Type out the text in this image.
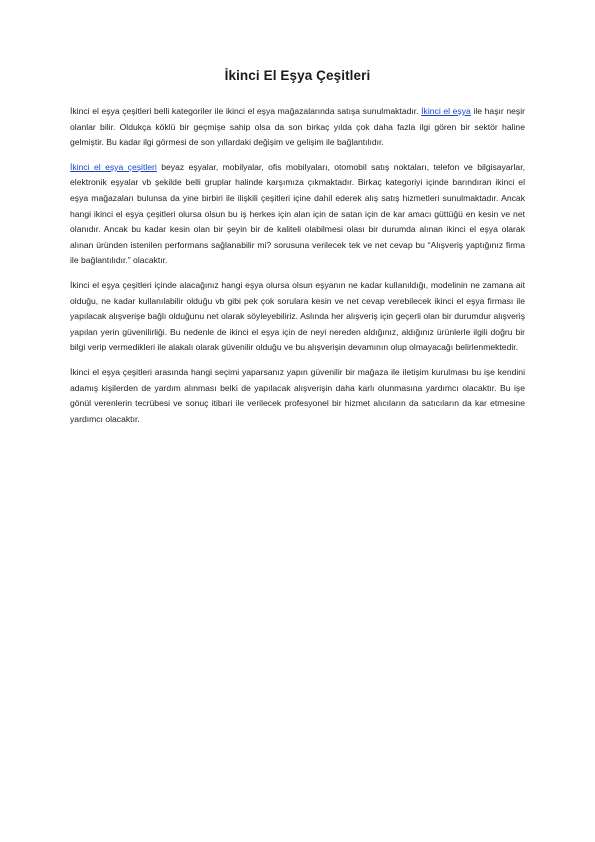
İkinci El Eşya Çeşitleri

İkinci el eşya çeşitleri belli kategoriler ile ikinci el eşya mağazalarında satışa sunulmaktadır. İkinci el eşya ile haşır neşir olanlar bilir. Oldukça köklü bir geçmişe sahip olsa da son birkaç yılda çok daha fazla ilgi gören bir sektör haline gelmiştir. Bu kadar ilgi görmesi de son yıllardaki değişim ve gelişim ile bağlantılıdır.

İkinci el eşya çeşitleri beyaz eşyalar, mobilyalar, ofis mobilyaları, otomobil satış noktaları, telefon ve bilgisayarlar, elektronik eşyalar vb şekilde belli gruplar halinde karşımıza çıkmaktadır. Birkaç kategoriyi içinde barındıran ikinci el eşya mağazaları bulunsa da yine birbiri ile ilişkili çeşitleri içine dahil ederek alış satış hizmetleri sunulmaktadır. Ancak hangi ikinci el eşya çeşitleri olursa olsun bu iş herkes için alan için de satan için de kar amacı güttüğü en kesin ve net olanıdır. Ancak bu kadar kesin olan bir şeyin bir de kaliteli olabilmesi olası bir durumda alınan ikinci el eşya olarak alınan üründen istenilen performans sağlanabilir mi? sorusuna verilecek tek ve net cevap bu “Alışveriş yaptığınız firma ile bağlantılıdır.” olacaktır.

İkinci el eşya çeşitleri içinde alacağınız hangi eşya olursa olsun eşyanın ne kadar kullanıldığı, modelinin ne zamana ait olduğu, ne kadar kullanılabilir olduğu vb gibi pek çok sorulara kesin ve net cevap verebilecek ikinci el eşya firması ile yapılacak alışverişe bağlı olduğunu net olarak söyleyebiliriz. Aslında her alışveriş için geçerli olan bir durumdur alışveriş yapılan yerin güvenilirliği. Bu nedenle de ikinci el eşya için de neyi nereden aldığınız, aldığınız ürünlerle ilgili doğru bir bilgi verip vermedikleri ile alakalı olarak güvenilir olduğu ve bu alışverişin devamının olup olmayacağı belirlenmektedir.

İkinci el eşya çeşitleri arasında hangi seçimi yaparsanız yapın güvenilir bir mağaza ile iletişim kurulması bu işe kendini adamış kişilerden de yardım alınması belki de yapılacak alışverişin daha karlı olunmasına yardımcı olacaktır. Bu işe gönül verenlerin tecrübesi ve sonuç itibari ile verilecek profesyonel bir hizmet alıcıların da satıcıların da kar etmesine yardımcı olacaktır.
